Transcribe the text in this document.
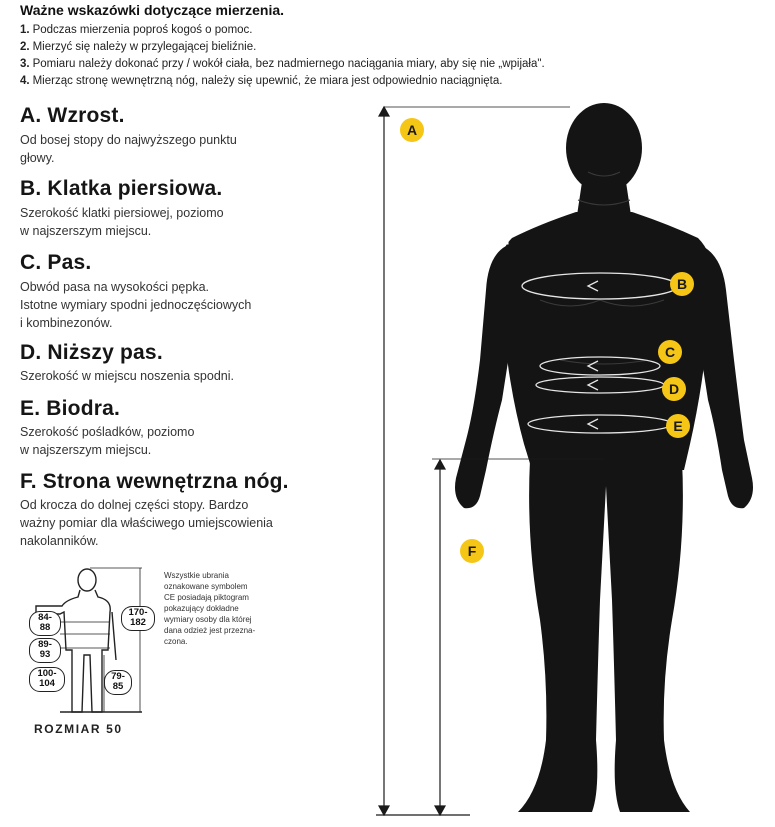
Ważne wskazówki dotyczące mierzenia.
1. Podczas mierzenia poproś kogoś o pomoc.
2. Mierzyć się należy w przylegającej bieliźnie.
3. Pomiaru należy dokonać przy / wokół ciała, bez nadmiernego naciągania miary, aby się nie „wpijała".
4. Mierząc stronę wewnętrzną nóg, należy się upewnić, że miara jest odpowiednio naciągnięta.
A. Wzrost.
Od bosej stopy do najwyższego punktu
głowy.
B. Klatka piersiowa.
Szerokość klatki piersiowej, poziomo
w najszerszym miejscu.
C. Pas.
Obwód pasa na wysokości pępka.
Istotne wymiary spodni jednoczęściowych
i kombinezonów.
D. Niższy pas.
Szerokość w miejscu noszenia spodni.
E. Biodra.
Szerokość pośladków, poziomo
w najszerszym miejscu.
F. Strona wewnętrzna nóg.
Od krocza do dolnej części stopy. Bardzo
ważny pomiar dla właściwego umiejscowienia
nakolanników.
A
B
C
D
E
F
84-
88
89-
93
100-
104
170-
182
79-
85
ROZMIAR 50
Wszystkie ubrania
oznakowane symbolem
CE posiadają piktogram
pokazujący dokładne
wymiary osoby dla której
dana odzież jest przezna-
czona.
